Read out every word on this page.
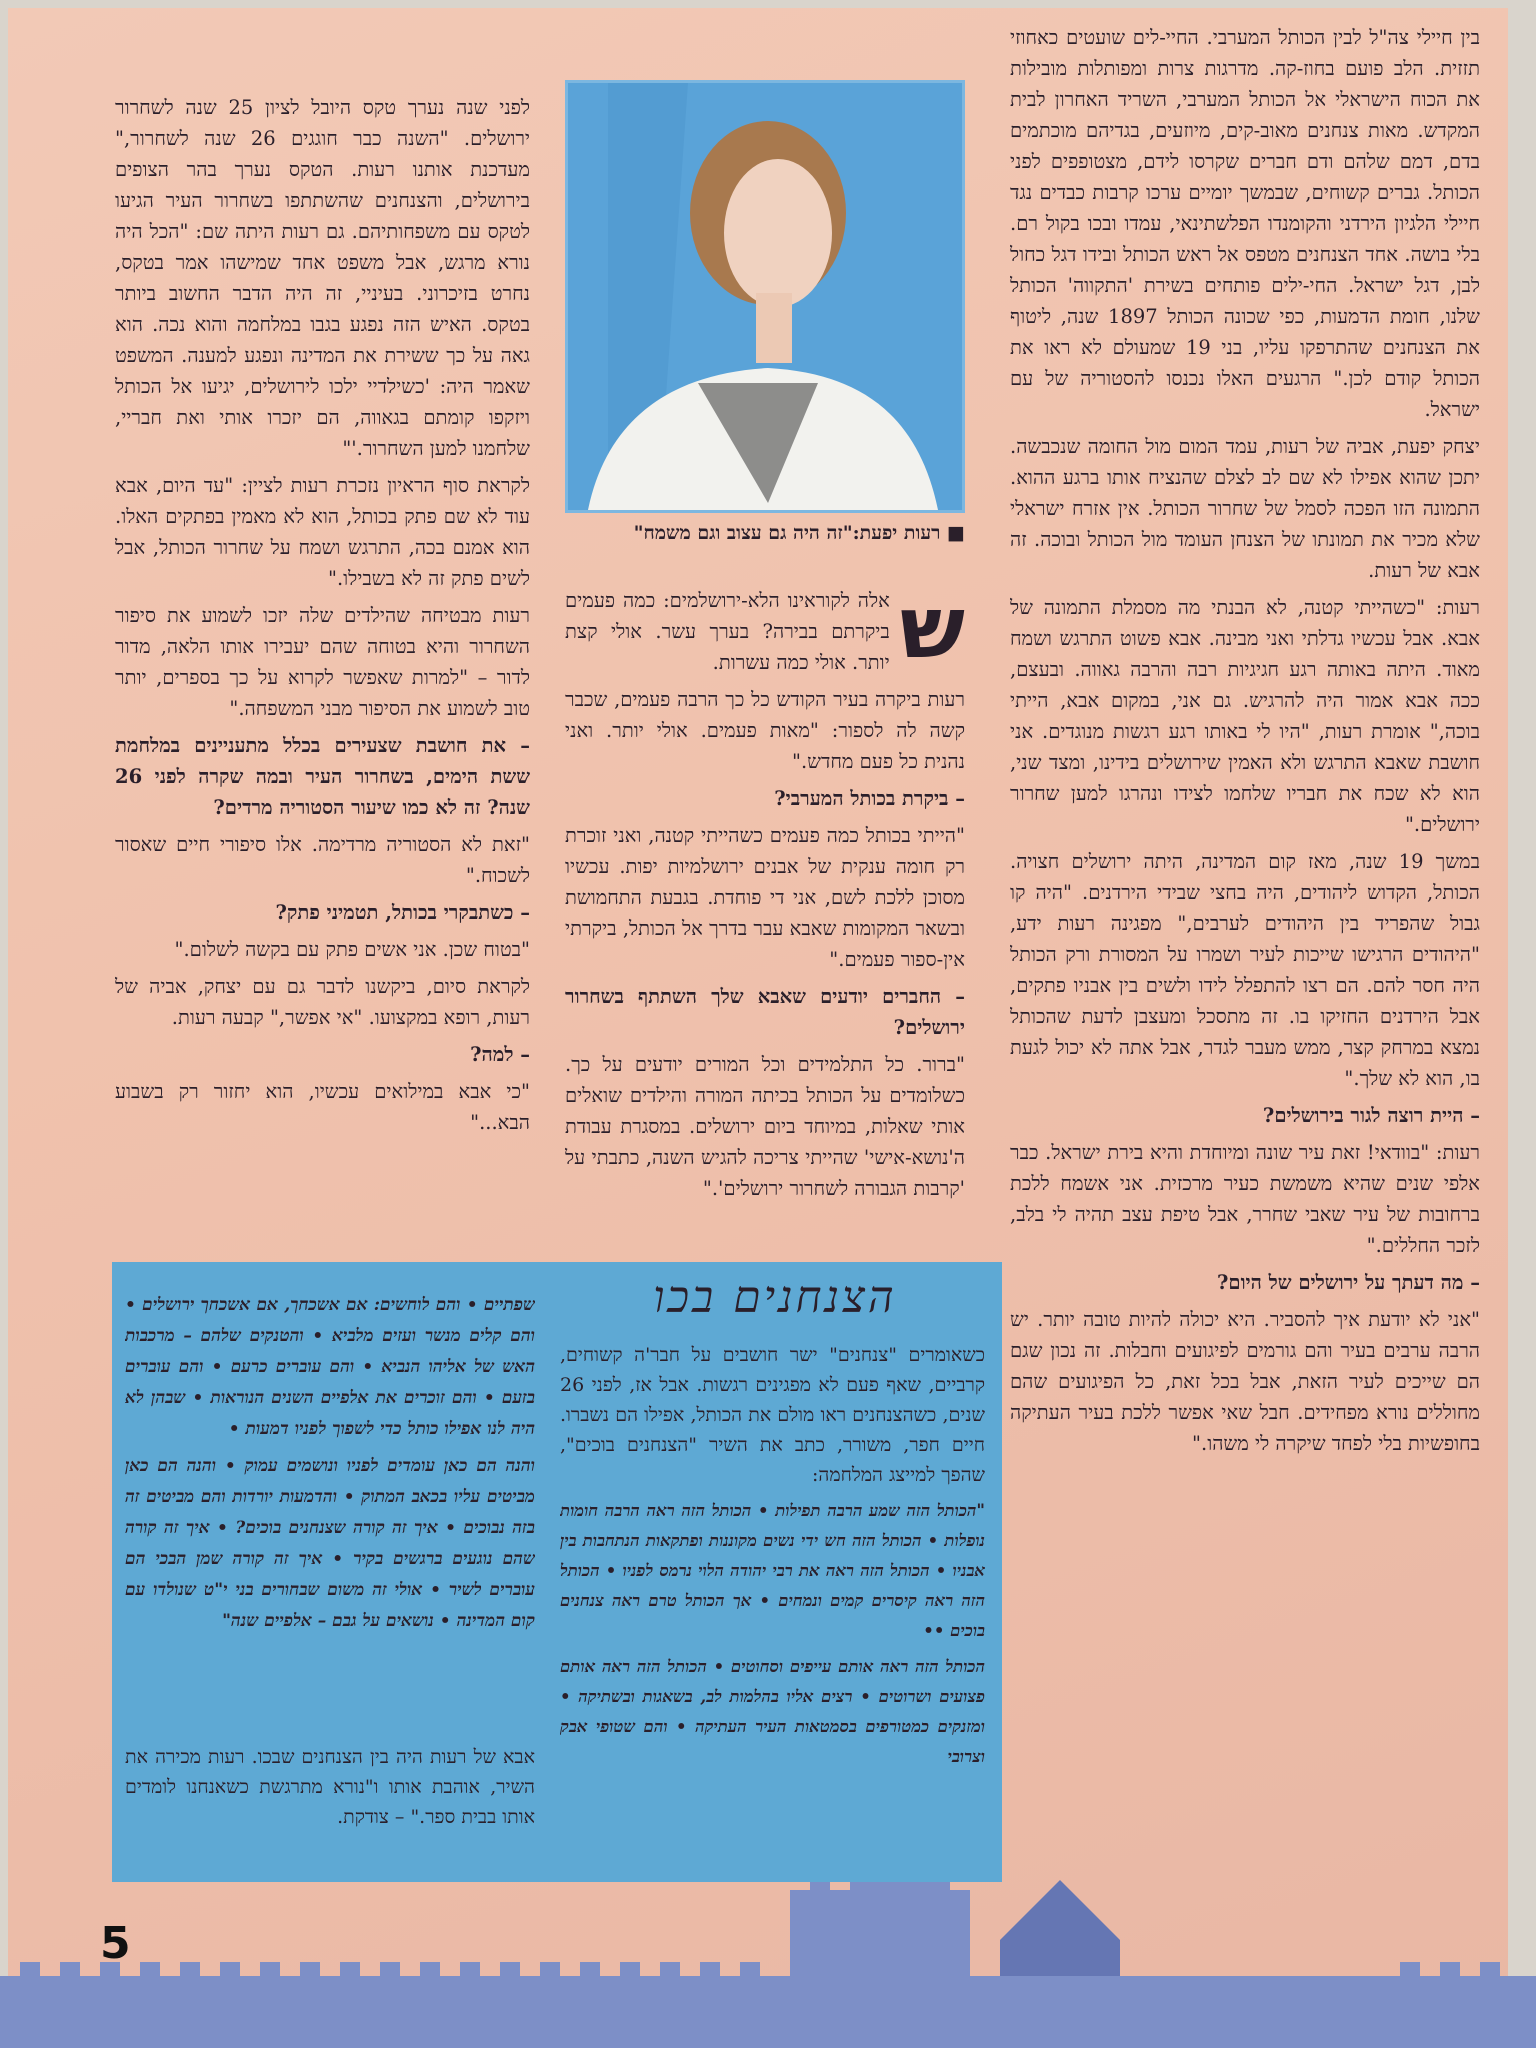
בין חיילי צה"ל לבין הכותל המערבי. החיי-לים שועטים כאחוזי תזזית. הלב פועם בחוז-קה. מדרגות צרות ומפותלות מובילות את הכוח הישראלי אל הכותל המערבי, השריד האחרון לבית המקדש. מאות צנחנים מאוב-קים, מיוזעים, בגדיהם מוכתמים בדם, דמם שלהם ודם חברים שקרסו לידם, מצטופפים לפני הכותל. גברים קשוחים, שבמשך יומיים ערכו קרבות כבדים נגד חיילי הלגיון הירדני והקומנדו הפלשתינאי, עמדו ובכו בקול רם. בלי בושה. אחד הצנחנים מטפס אל ראש הכותל ובידו דגל כחול לבן, דגל ישראל. החי-ילים פותחים בשירת 'התקווה' הכותל שלנו, חומת הדמעות, כפי שכונה הכותל 1897 שנה, ליטוף את הצנחנים שהתרפקו עליו, בני 19 שמעולם לא ראו את הכותל קודם לכן." הרגעים האלו נכנסו להסטוריה של עם ישראל.

יצחק יפעת, אביה של רעות, עמד המום מול החומה שנכבשה. יתכן שהוא אפילו לא שם לב לצלם שהנציח אותו ברגע ההוא. התמונה הזו הפכה לסמל של שחרור הכותל. אין אזרח ישראלי שלא מכיר את תמונתו של הצנחן העומד מול הכותל ובוכה. זה אבא של רעות.

רעות: "כשהייתי קטנה, לא הבנתי מה מסמלת התמונה של אבא. אבל עכשיו גדלתי ואני מבינה. אבא פשוט התרגש ושמח מאוד. היתה באותה רגע חגיגיות רבה והרבה גאווה. ובעצם, ככה אבא אמור היה להרגיש. גם אני, במקום אבא, הייתי בוכה," אומרת רעות, "היו לי באותו רגע רגשות מנוגדים. אני חושבת שאבא התרגש ולא האמין שירושלים בידינו, ומצד שני, הוא לא שכח את חבריו שלחמו לצידו ונהרגו למען שחרור ירושלים."

במשך 19 שנה, מאז קום המדינה, היתה ירושלים חצויה. הכותל, הקדוש ליהודים, היה בחצי שבידי הירדנים. "היה קו גבול שהפריד בין היהודים לערבים," מפגינה רעות ידע, "היהודים הרגישו שייכות לעיר ושמרו על המסורת ורק הכותל היה חסר להם. הם רצו להתפלל לידו ולשים בין אבניו פתקים, אבל הירדנים החזיקו בו. זה מתסכל ומעצבן לדעת שהכותל נמצא במרחק קצר, ממש מעבר לגדר, אבל אתה לא יכול לגעת בו, הוא לא שלך."

– היית רוצה לגור בירושלים?

רעות: "בוודאי! זאת עיר שונה ומיוחדת והיא בירת ישראל. כבר אלפי שנים שהיא משמשת כעיר מרכזית. אני אשמח ללכת ברחובות של עיר שאבי שחרר, אבל טיפת עצב תהיה לי בלב, לזכר החללים."

– מה דעתך על ירושלים של היום?

"אני לא יודעת איך להסביר. היא יכולה להיות טובה יותר. יש הרבה ערבים בעיר והם גורמים לפיגועים וחבלות. זה נכון שגם הם שייכים לעיר הזאת, אבל בכל זאת, כל הפיגועים שהם מחוללים נורא מפחידים. חבל שאי אפשר ללכת בעיר העתיקה בחופשיות בלי לפחד שיקרה לי משהו."

■ רעות יפעת:"זה היה גם עצוב וגם משמח"
ש

אלה לקוראינו הלא-ירושלמים: כמה פעמים ביקרתם בבירה? בערך עשר. אולי קצת יותר. אולי כמה עשרות.

רעות ביקרה בעיר הקודש כל כך הרבה פעמים, שכבר קשה לה לספור: "מאות פעמים. אולי יותר. ואני נהנית כל פעם מחדש."

– ביקרת בכותל המערבי?

"הייתי בכותל כמה פעמים כשהייתי קטנה, ואני זוכרת רק חומה ענקית של אבנים ירושלמיות יפות. עכשיו מסוכן ללכת לשם, אני די פוחדת. בגבעת התחמושת ובשאר המקומות שאבא עבר בדרך אל הכותל, ביקרתי אין-ספור פעמים."

– החברים יודעים שאבא שלך השתתף בשחרור ירושלים?

"ברור. כל התלמידים וכל המורים יודעים על כך. כשלומדים על הכותל בכיתה המורה והילדים שואלים אותי שאלות, במיוחד ביום ירושלים. במסגרת עבודת ה'נושא-אישי' שהייתי צריכה להגיש השנה, כתבתי על 'קרבות הגבורה לשחרור ירושלים'."

לפני שנה נערך טקס היובל לציון 25 שנה לשחרור ירושלים. "השנה כבר חוגגים 26 שנה לשחרור," מעדכנת אותנו רעות. הטקס נערך בהר הצופים בירושלים, והצנחנים שהשתתפו בשחרור העיר הגיעו לטקס עם משפחותיהם. גם רעות היתה שם: "הכל היה נורא מרגש, אבל משפט אחד שמישהו אמר בטקס, נחרט בזיכרוני. בעיניי, זה היה הדבר החשוב ביותר בטקס. האיש הזה נפגע בגבו במלחמה והוא נכה. הוא גאה על כך ששירת את המדינה ונפגע למענה. המשפט שאמר היה: 'כשילדיי ילכו לירושלים, יגיעו אל הכותל ויזקפו קומתם בגאווה, הם יזכרו אותי ואת חבריי, שלחמנו למען השחרור.'"

לקראת סוף הראיון נזכרת רעות לציין: "עד היום, אבא עוד לא שם פתק בכותל, הוא לא מאמין בפתקים האלו. הוא אמנם בכה, התרגש ושמח על שחרור הכותל, אבל לשים פתק זה לא בשבילו."

רעות מבטיחה שהילדים שלה יזכו לשמוע את סיפור השחרור והיא בטוחה שהם יעבירו אותו הלאה, מדור לדור – "למרות שאפשר לקרוא על כך בספרים, יותר טוב לשמוע את הסיפור מבני המשפחה."

– את חושבת שצעירים בכלל מתעניינים במלחמת ששת הימים, בשחרור העיר ובמה שקרה לפני 26 שנה? זה לא כמו שיעור הסטוריה מרדים?

"זאת לא הסטוריה מרדימה. אלו סיפורי חיים שאסור לשכוח."

– כשתבקרי בכותל, תטמיני פתק?

"בטוח שכן. אני אשים פתק עם בקשה לשלום."

לקראת סיום, ביקשנו לדבר גם עם יצחק, אביה של רעות, רופא במקצועו. "אי אפשר," קבעה רעות.

– למה?

"כי אבא במילואים עכשיו, הוא יחזור רק בשבוע הבא..."

הצנחנים בכו

כשאומרים "צנחנים" ישר חושבים על חבר'ה קשוחים, קרביים, שאף פעם לא מפגינים רגשות. אבל אז, לפני 26 שנים, כשהצנחנים ראו מולם את הכותל, אפילו הם נשברו. חיים חפר, משורר, כתב את השיר "הצנחנים בוכים", שהפך למייצג המלחמה:

"הכותל הזה שמע הרבה תפילות • הכותל הזה ראה הרבה חומות נופלות • הכותל הזה חש ידי נשים מקוננות ופתקאות הנתחבות בין אבניו • הכותל הזה ראה את רבי יהודה הלוי נרמס לפניו • הכותל הזה ראה קיסרים קמים ונמחים • אך הכותל טרם ראה צנחנים בוכים ••

הכותל הזה ראה אותם עייפים וסחוטים • הכותל הזה ראה אותם פצועים ושרוטים • רצים אליו בהלמות לב, בשאגות ובשתיקה • ומזנקים כמטורפים בסמטאות העיר העתיקה • והם שטופי אבק וצרובי

שפתיים • והם לוחשים: אם אשכחך, אם אשכחך ירושלים • והם קלים מנשר ועזים מלביא • והטנקים שלהם – מרכבות האש של אליהו הנביא • והם עוברים כרעם • והם עוברים בזעם • והם זוכרים את אלפיים השנים הנוראות • שבהן לא היה לנו אפילו כותל כדי לשפוך לפניו דמעות •

והנה הם כאן עומדים לפניו ונושמים עמוק • והנה הם כאן מביטים עליו בכאב המתוק • והדמעות יורדות והם מביטים זה בזה נבוכים • איך זה קורה שצנחנים בוכים? • איך זה קורה שהם נוגעים ברגשים בקיר • איך זה קורה שמן הבכי הם עוברים לשיר • אולי זה משום שבחורים בני י"ט שנולדו עם קום המדינה • נושאים על גבם – אלפיים שנה"

אבא של רעות היה בין הצנחנים שבכו. רעות מכירה את השיר, אוהבת אותו ו"נורא מתרגשת כשאנחנו לומדים אותו בבית ספר." – צודקת.

5
